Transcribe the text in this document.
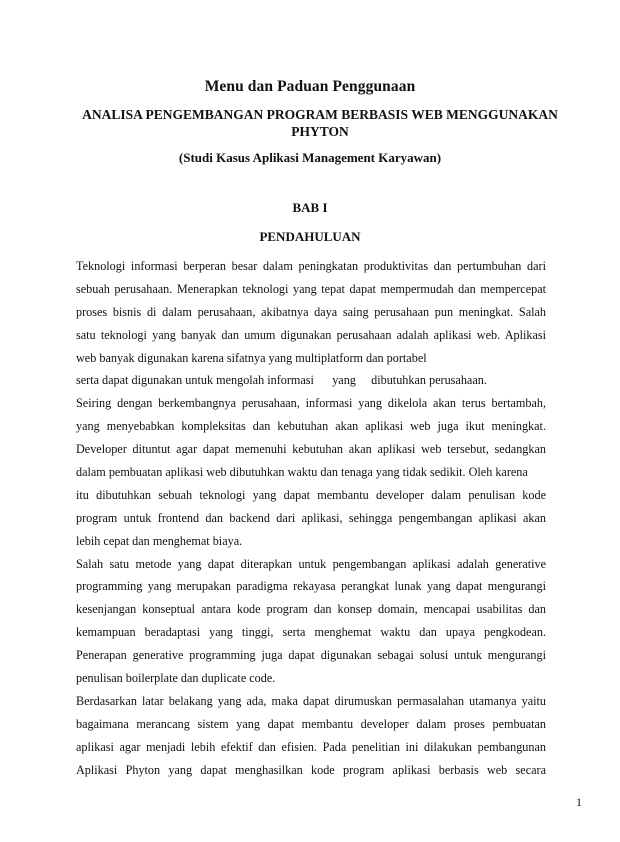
Menu dan Paduan Penggunaan
ANALISA PENGEMBANGAN PROGRAM BERBASIS WEB MENGGUNAKAN PHYTON
(Studi Kasus Aplikasi Management Karyawan)
BAB I
PENDAHULUAN
Teknologi informasi berperan besar dalam peningkatan produktivitas dan pertumbuhan dari
sebuah perusahaan. Menerapkan teknologi yang tepat dapat mempermudah dan mempercepat
proses bisnis di dalam perusahaan, akibatnya daya saing perusahaan pun meningkat. Salah
satu teknologi yang banyak dan umum digunakan perusahaan adalah aplikasi web. Aplikasi
web banyak digunakan karena sifatnya yang multiplatform dan portabel
serta dapat digunakan untuk mengolah informasi      yang     dibutuhkan perusahaan.
Seiring dengan berkembangnya perusahaan, informasi yang dikelola akan terus bertambah,
yang menyebabkan kompleksitas dan kebutuhan akan aplikasi web juga ikut meningkat.
Developer dituntut agar dapat memenuhi kebutuhan akan aplikasi web tersebut, sedangkan
dalam pembuatan aplikasi web dibutuhkan waktu dan tenaga yang tidak sedikit. Oleh karena
itu dibutuhkan sebuah teknologi yang dapat membantu developer dalam penulisan kode
program untuk frontend dan backend dari aplikasi, sehingga pengembangan aplikasi akan
lebih cepat dan menghemat biaya.
Salah satu metode yang dapat diterapkan untuk pengembangan aplikasi adalah generative
programming yang merupakan paradigma rekayasa perangkat lunak yang dapat mengurangi
kesenjangan konseptual antara kode program dan konsep domain, mencapai usabilitas dan
kemampuan beradaptasi yang tinggi, serta menghemat waktu dan upaya pengkodean.
Penerapan generative programming juga dapat digunakan sebagai solusi untuk mengurangi
penulisan boilerplate dan duplicate code.
Berdasarkan latar belakang yang ada, maka dapat dirumuskan permasalahan utamanya yaitu
bagaimana merancang sistem yang dapat membantu developer dalam proses pembuatan
aplikasi agar menjadi lebih efektif dan efisien. Pada penelitian ini dilakukan pembangunan
Aplikasi Phyton yang dapat menghasilkan kode program aplikasi berbasis web secara
1
